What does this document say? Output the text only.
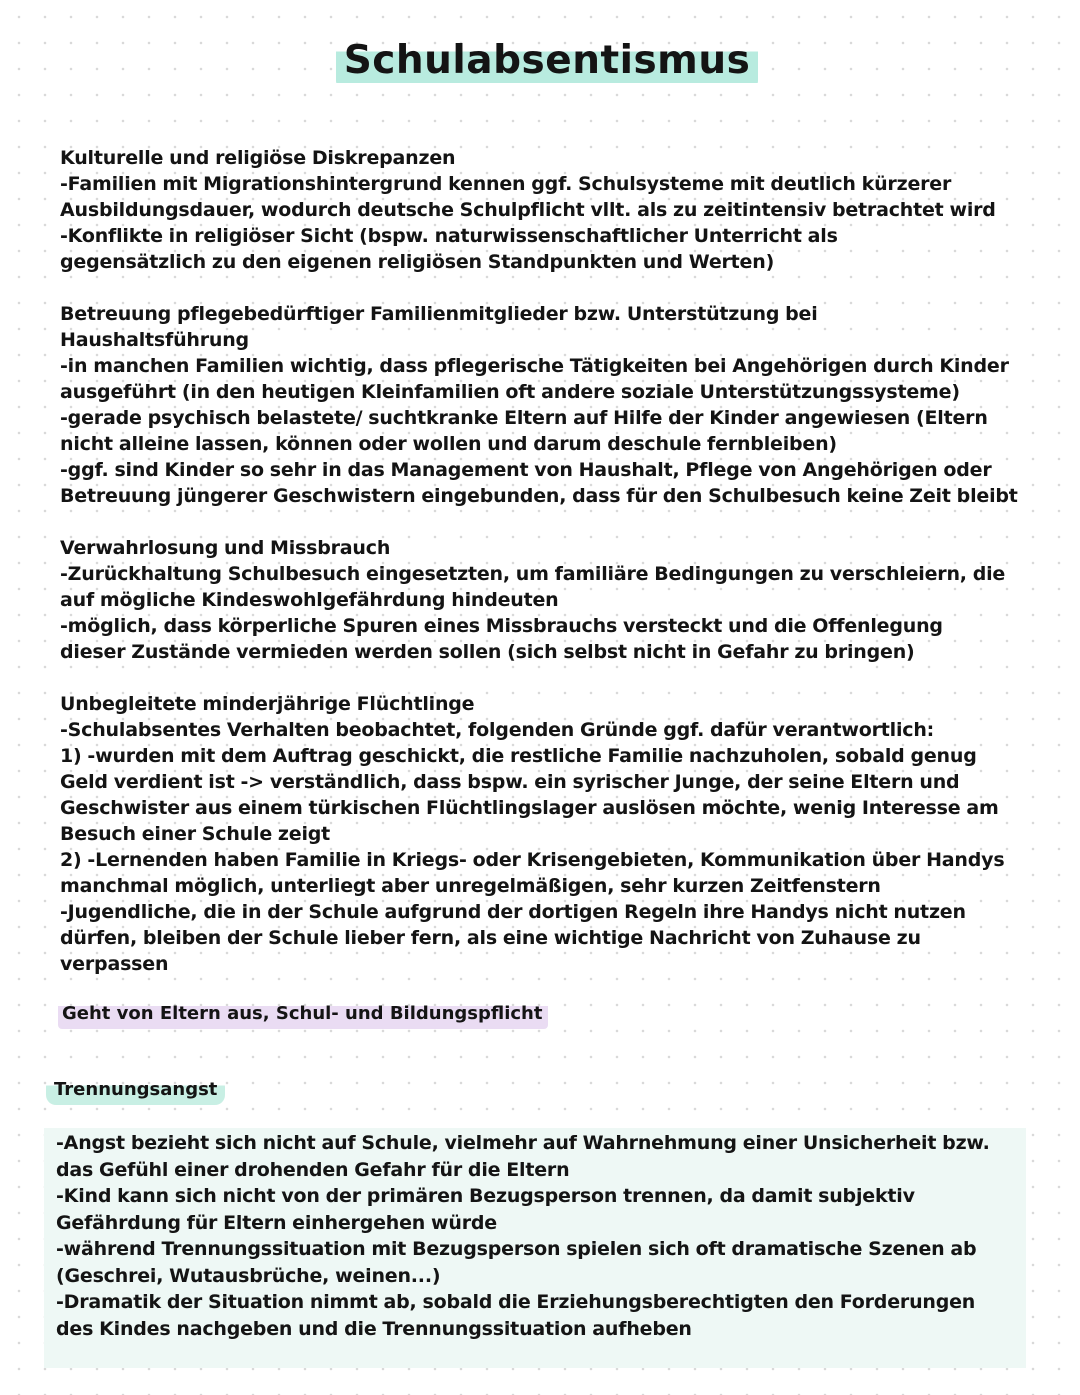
Schulabsentismus

Kulturelle und religiöse Diskrepanzen

-Familien mit Migrationshintergrund kennen ggf. Schulsysteme mit deutlich kürzerer

Ausbildungsdauer, wodurch deutsche Schulpflicht vllt. als zu zeitintensiv betrachtet wird

-Konflikte in religiöser Sicht (bspw. naturwissenschaftlicher Unterricht als

gegensätzlich zu den eigenen religiösen Standpunkten und Werten)

Betreuung pflegebedürftiger Familienmitglieder bzw. Unterstützung bei

Haushaltsführung

-in manchen Familien wichtig, dass pflegerische Tätigkeiten bei Angehörigen durch Kinder

ausgeführt (in den heutigen Kleinfamilien oft andere soziale Unterstützungssysteme)

-gerade psychisch belastete/ suchtkranke Eltern auf Hilfe der Kinder angewiesen (Eltern

nicht alleine lassen, können oder wollen und darum deschule fernbleiben)

-ggf. sind Kinder so sehr in das Management von Haushalt, Pflege von Angehörigen oder

Betreuung jüngerer Geschwistern eingebunden, dass für den Schulbesuch keine Zeit bleibt

Verwahrlosung und Missbrauch

-Zurückhaltung Schulbesuch eingesetzten, um familiäre Bedingungen zu verschleiern, die

auf mögliche Kindeswohlgefährdung hindeuten

-möglich, dass körperliche Spuren eines Missbrauchs versteckt und die Offenlegung

dieser Zustände vermieden werden sollen (sich selbst nicht in Gefahr zu bringen)

Unbegleitete minderjährige Flüchtlinge

-Schulabsentes Verhalten beobachtet, folgenden Gründe ggf. dafür verantwortlich:

1) -wurden mit dem Auftrag geschickt, die restliche Familie nachzuholen, sobald genug

Geld verdient ist -> verständlich, dass bspw. ein syrischer Junge, der seine Eltern und

Geschwister aus einem türkischen Flüchtlingslager auslösen möchte, wenig Interesse am

Besuch einer Schule zeigt

2) -Lernenden haben Familie in Kriegs- oder Krisengebieten, Kommunikation über Handys

manchmal möglich, unterliegt aber unregelmäßigen, sehr kurzen Zeitfenstern

-Jugendliche, die in der Schule aufgrund der dortigen Regeln ihre Handys nicht nutzen

dürfen, bleiben der Schule lieber fern, als eine wichtige Nachricht von Zuhause zu

verpassen

Geht von Eltern aus, Schul- und Bildungspflicht
Trennungsangst

-Angst bezieht sich nicht auf Schule, vielmehr auf Wahrnehmung einer Unsicherheit bzw.

das Gefühl einer drohenden Gefahr für die Eltern

-Kind kann sich nicht von der primären Bezugsperson trennen, da damit subjektiv

Gefährdung für Eltern einhergehen würde

-während Trennungssituation mit Bezugsperson spielen sich oft dramatische Szenen ab

(Geschrei, Wutausbrüche, weinen...)

-Dramatik der Situation nimmt ab, sobald die Erziehungsberechtigten den Forderungen

des Kindes nachgeben und die Trennungssituation aufheben
